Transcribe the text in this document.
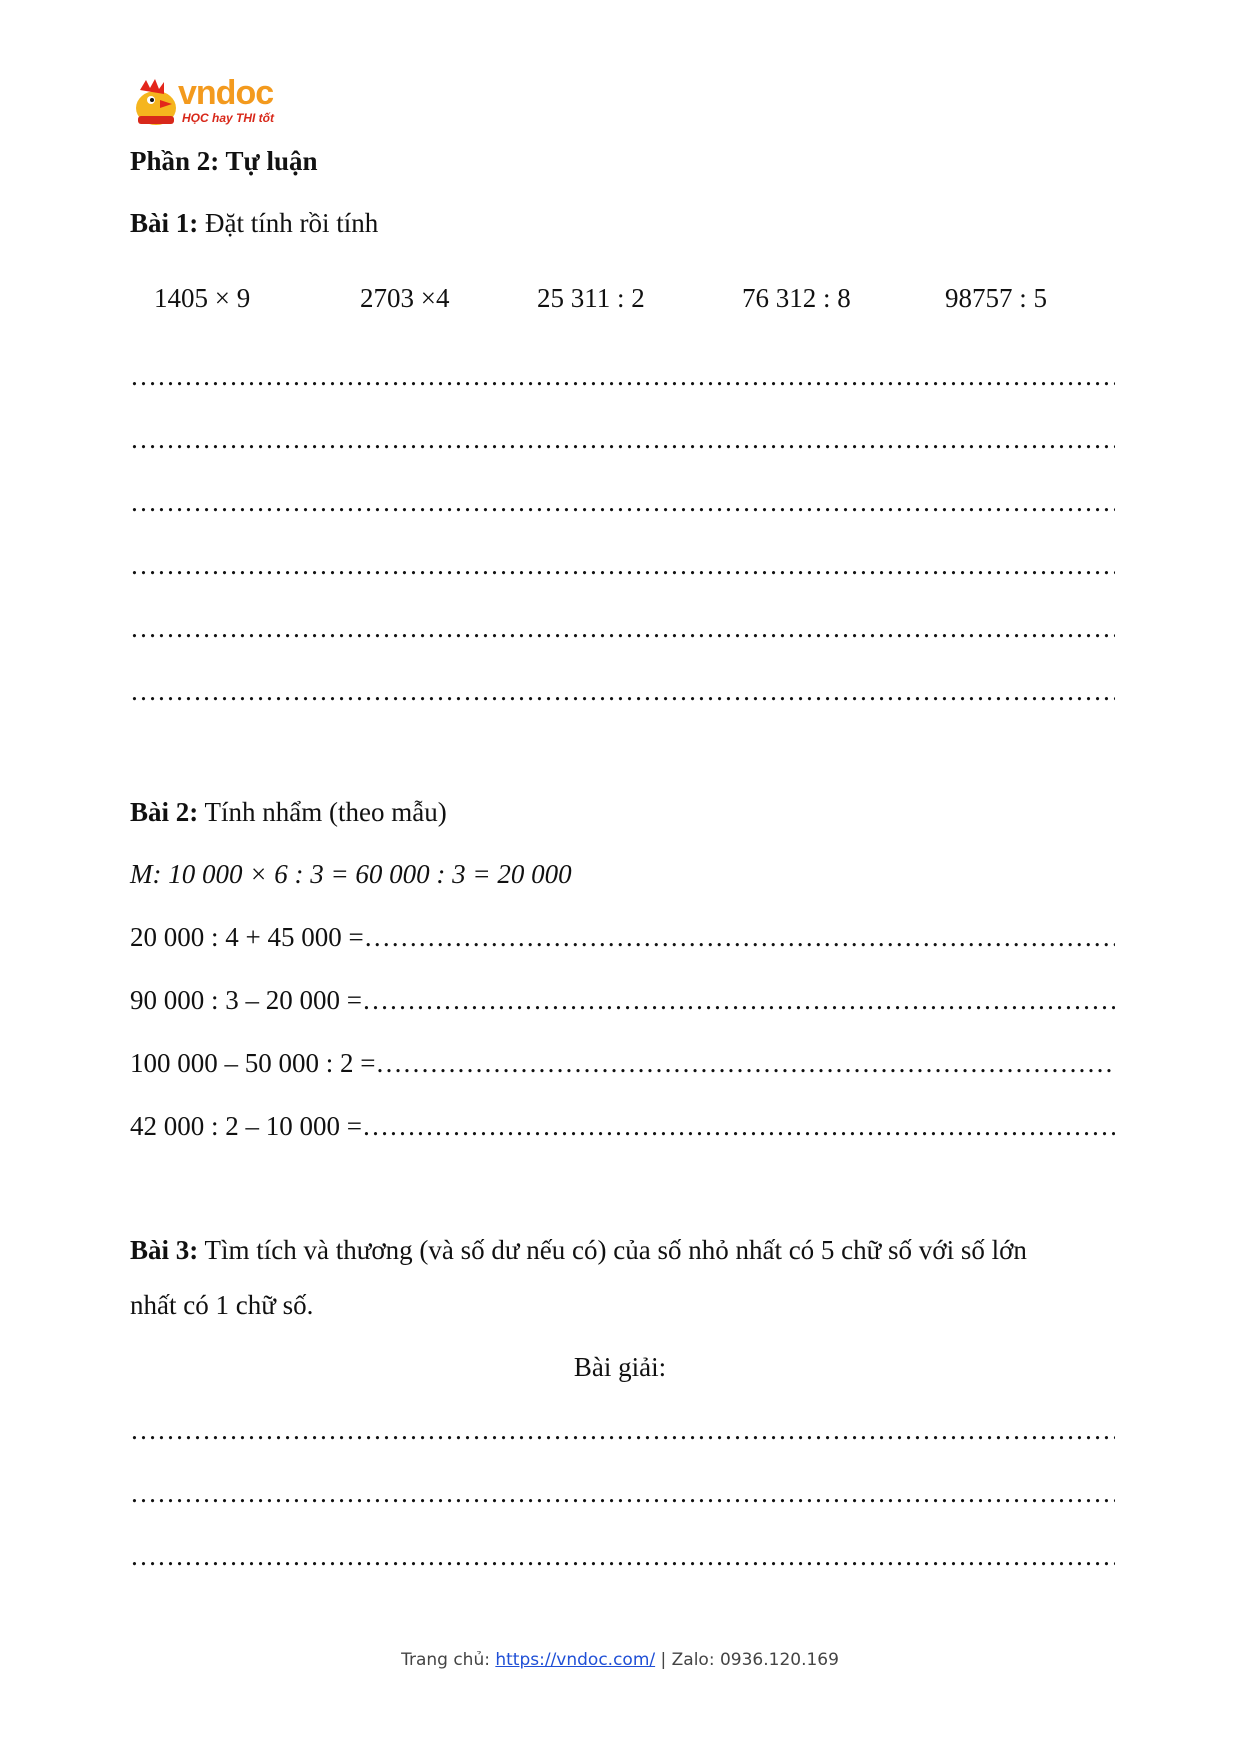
vndoc
HỌC hay THI tốt
Phần 2: Tự luận
Bài 1: Đặt tính rồi tính
1405 × 9	2703 ×4	25 311 : 2	76 312 : 8	98757 : 5
…………………………………………………………………………………………………………………
…………………………………………………………………………………………………………………
…………………………………………………………………………………………………………………
…………………………………………………………………………………………………………………
…………………………………………………………………………………………………………………
…………………………………………………………………………………………………………………
Bài 2: Tính nhẩm (theo mẫu)
M: 10 000 × 6 : 3 = 60 000 : 3 = 20 000
20 000 : 4 + 45 000 =
…………………………………………………………………………………………………………………
90 000 : 3 – 20 000 =
…………………………………………………………………………………………………………………
100 000 – 50 000 : 2 =
…………………………………………………………………………………………………………………
42 000 : 2 – 10 000 =
…………………………………………………………………………………………………………………
Bài 3: Tìm tích và thương (và số dư nếu có) của số nhỏ nhất có 5 chữ số với số lớn
nhất có 1 chữ số.
Bài giải:
…………………………………………………………………………………………………………………
…………………………………………………………………………………………………………………
…………………………………………………………………………………………………………………
Trang chủ: https://vndoc.com/ | Zalo: 0936.120.169
